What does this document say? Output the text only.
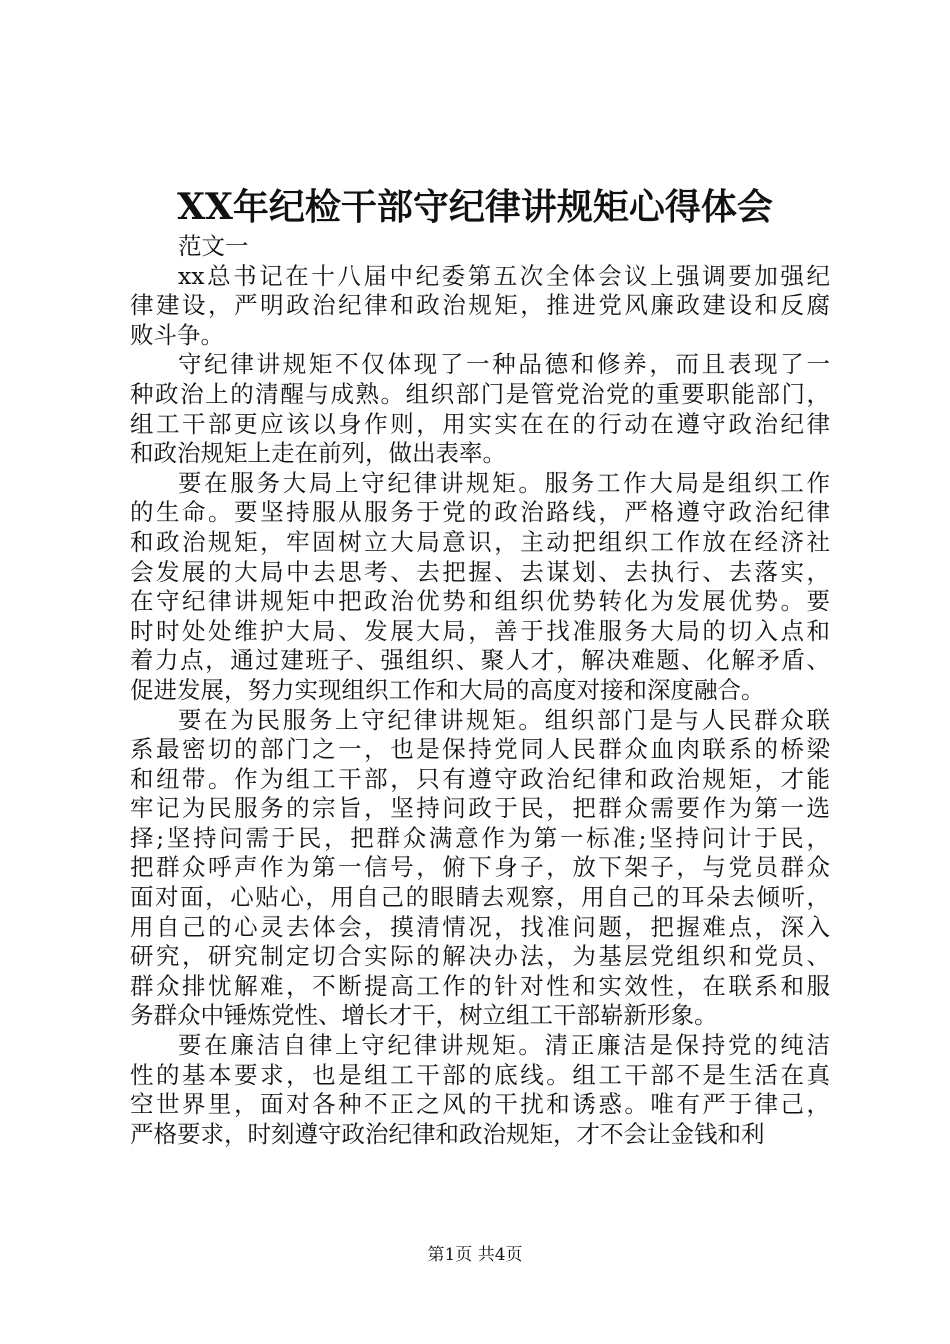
XX年纪检干部守纪律讲规矩心得体会
范文一
xx总书记在十八届中纪委第五次全体会议上强调要加强纪
律建设，严明政治纪律和政治规矩，推进党风廉政建设和反腐
败斗争。
守纪律讲规矩不仅体现了一种品德和修养，而且表现了一
种政治上的清醒与成熟。组织部门是管党治党的重要职能部门，
组工干部更应该以身作则，用实实在在的行动在遵守政治纪律
和政治规矩上走在前列，做出表率。
要在服务大局上守纪律讲规矩。服务工作大局是组织工作
的生命。要坚持服从服务于党的政治路线，严格遵守政治纪律
和政治规矩，牢固树立大局意识，主动把组织工作放在经济社
会发展的大局中去思考、去把握、去谋划、去执行、去落实，
在守纪律讲规矩中把政治优势和组织优势转化为发展优势。要
时时处处维护大局、发展大局，善于找准服务大局的切入点和
着力点，通过建班子、强组织、聚人才，解决难题、化解矛盾、
促进发展，努力实现组织工作和大局的高度对接和深度融合。
要在为民服务上守纪律讲规矩。组织部门是与人民群众联
系最密切的部门之一，也是保持党同人民群众血肉联系的桥梁
和纽带。作为组工干部，只有遵守政治纪律和政治规矩，才能
牢记为民服务的宗旨，坚持问政于民，把群众需要作为第一选
择;坚持问需于民，把群众满意作为第一标准;坚持问计于民，
把群众呼声作为第一信号，俯下身子，放下架子，与党员群众
面对面，心贴心，用自己的眼睛去观察，用自己的耳朵去倾听，
用自己的心灵去体会，摸清情况，找准问题，把握难点，深入
研究，研究制定切合实际的解决办法，为基层党组织和党员、
群众排忧解难，不断提高工作的针对性和实效性，在联系和服
务群众中锤炼党性、增长才干，树立组工干部崭新形象。
要在廉洁自律上守纪律讲规矩。清正廉洁是保持党的纯洁
性的基本要求，也是组工干部的底线。组工干部不是生活在真
空世界里，面对各种不正之风的干扰和诱惑。唯有严于律己，
严格要求，时刻遵守政治纪律和政治规矩，才不会让金钱和利
第1页 共4页
